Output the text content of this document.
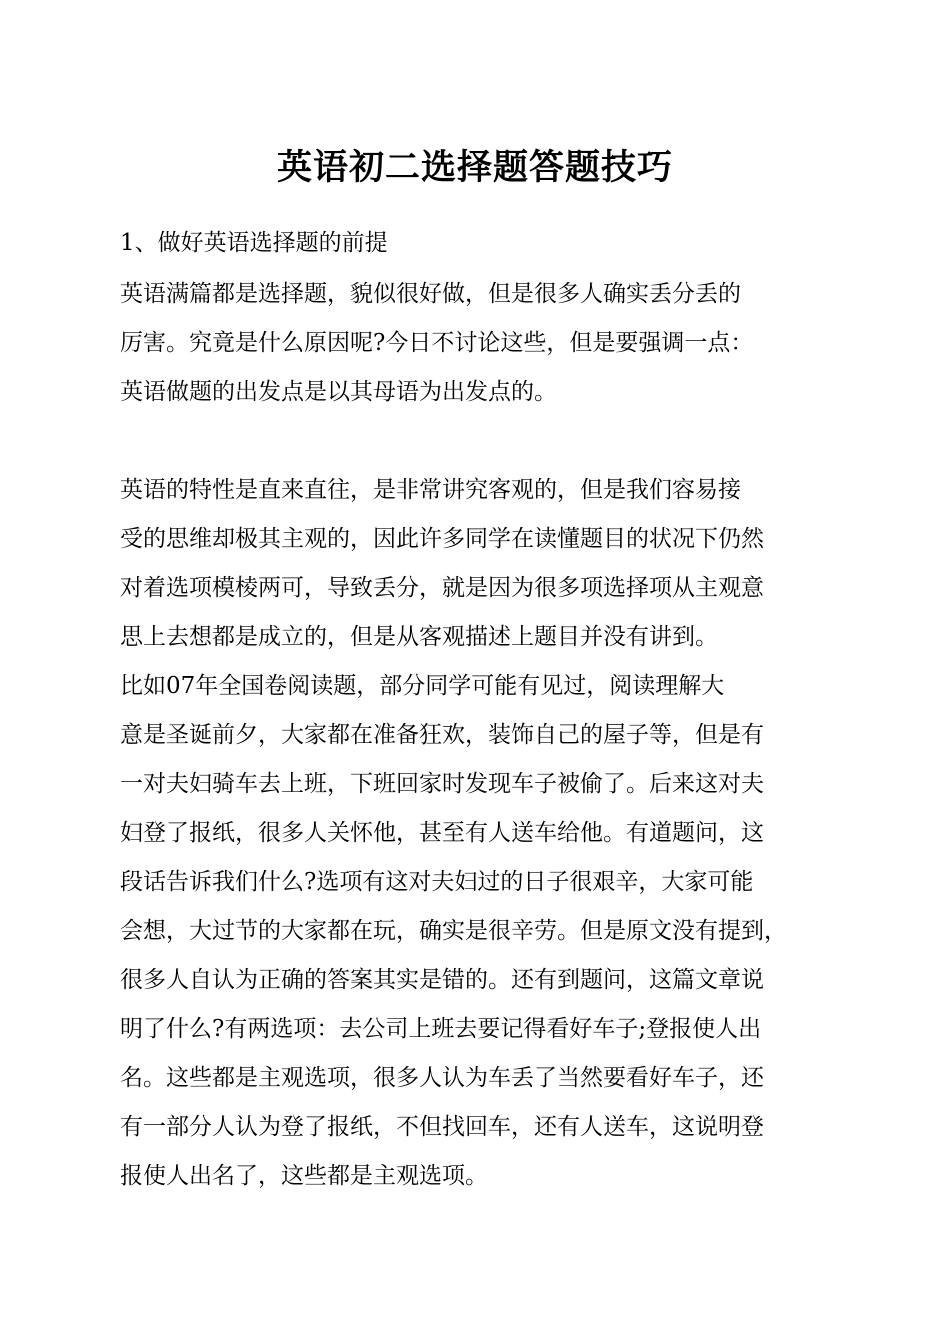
英语初二选择题答题技巧
1、做好英语选择题的前提
英语满篇都是选择题，貌似很好做，但是很多人确实丢分丢的
厉害。究竟是什么原因呢?今日不讨论这些，但是要强调一点：
英语做题的出发点是以其母语为出发点的。
英语的特性是直来直往，是非常讲究客观的，但是我们容易接
受的思维却极其主观的，因此许多同学在读懂题目的状况下仍然
对着选项模棱两可，导致丢分，就是因为很多项选择项从主观意
思上去想都是成立的，但是从客观描述上题目并没有讲到。
比如07年全国卷阅读题，部分同学可能有见过，阅读理解大
意是圣诞前夕，大家都在准备狂欢，装饰自己的屋子等，但是有
一对夫妇骑车去上班，下班回家时发现车子被偷了。后来这对夫
妇登了报纸，很多人关怀他，甚至有人送车给他。有道题问，这
段话告诉我们什么?选项有这对夫妇过的日子很艰辛，大家可能
会想，大过节的大家都在玩，确实是很辛劳。但是原文没有提到，
很多人自认为正确的答案其实是错的。还有到题问，这篇文章说
明了什么?有两选项：去公司上班去要记得看好车子;登报使人出
名。这些都是主观选项，很多人认为车丢了当然要看好车子，还
有一部分人认为登了报纸，不但找回车，还有人送车，这说明登
报使人出名了，这些都是主观选项。
